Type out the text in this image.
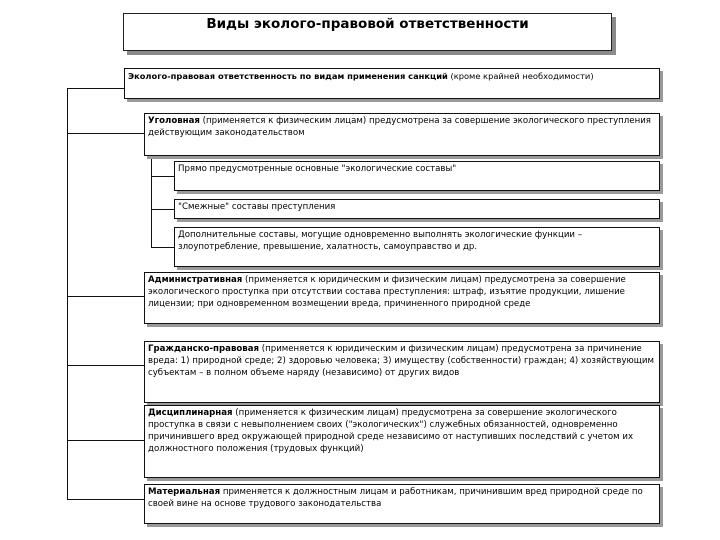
Виды эколого-правовой ответственности
Эколого-правовая ответственность по видам применения санкций (кроме крайней необходимости)
Уголовная (применяется к физическим лицам) предусмотрена за совершение экологического преступления действующим законодательством
Прямо предусмотренные основные "экологические составы"
"Смежные" составы преступления
Дополнительные составы, могущие одновременно выполнять экологические функции – злоупотребление, превышение, халатность, самоуправство и др.
Административная (применяется к юридическим и физическим лицам) предусмотрена за совершение экологического проступка при отсутствии состава преступления: штраф, изъятие продукции, лишение лицензии; при одновременном возмещении вреда, причиненного природной среде
Гражданско-правовая (применяется к юридическим и физическим лицам) предусмотрена за причинение вреда: 1) природной среде; 2) здоровью человека; 3) имуществу (собственности) граждан; 4) хозяйствующим субъектам – в полном объеме наряду (независимо) от других видов
Дисциплинарная (применяется к физическим лицам) предусмотрена за совершение экологического проступка в связи с невыполнением своих ("экологических") служебных обязанностей, одновременно причинившего вред окружающей природной среде независимо от наступивших последствий с учетом их должностного положения (трудовых функций)
Материальная применяется к должностным лицам и работникам, причинившим вред природной среде по своей вине на основе трудового законодательства
